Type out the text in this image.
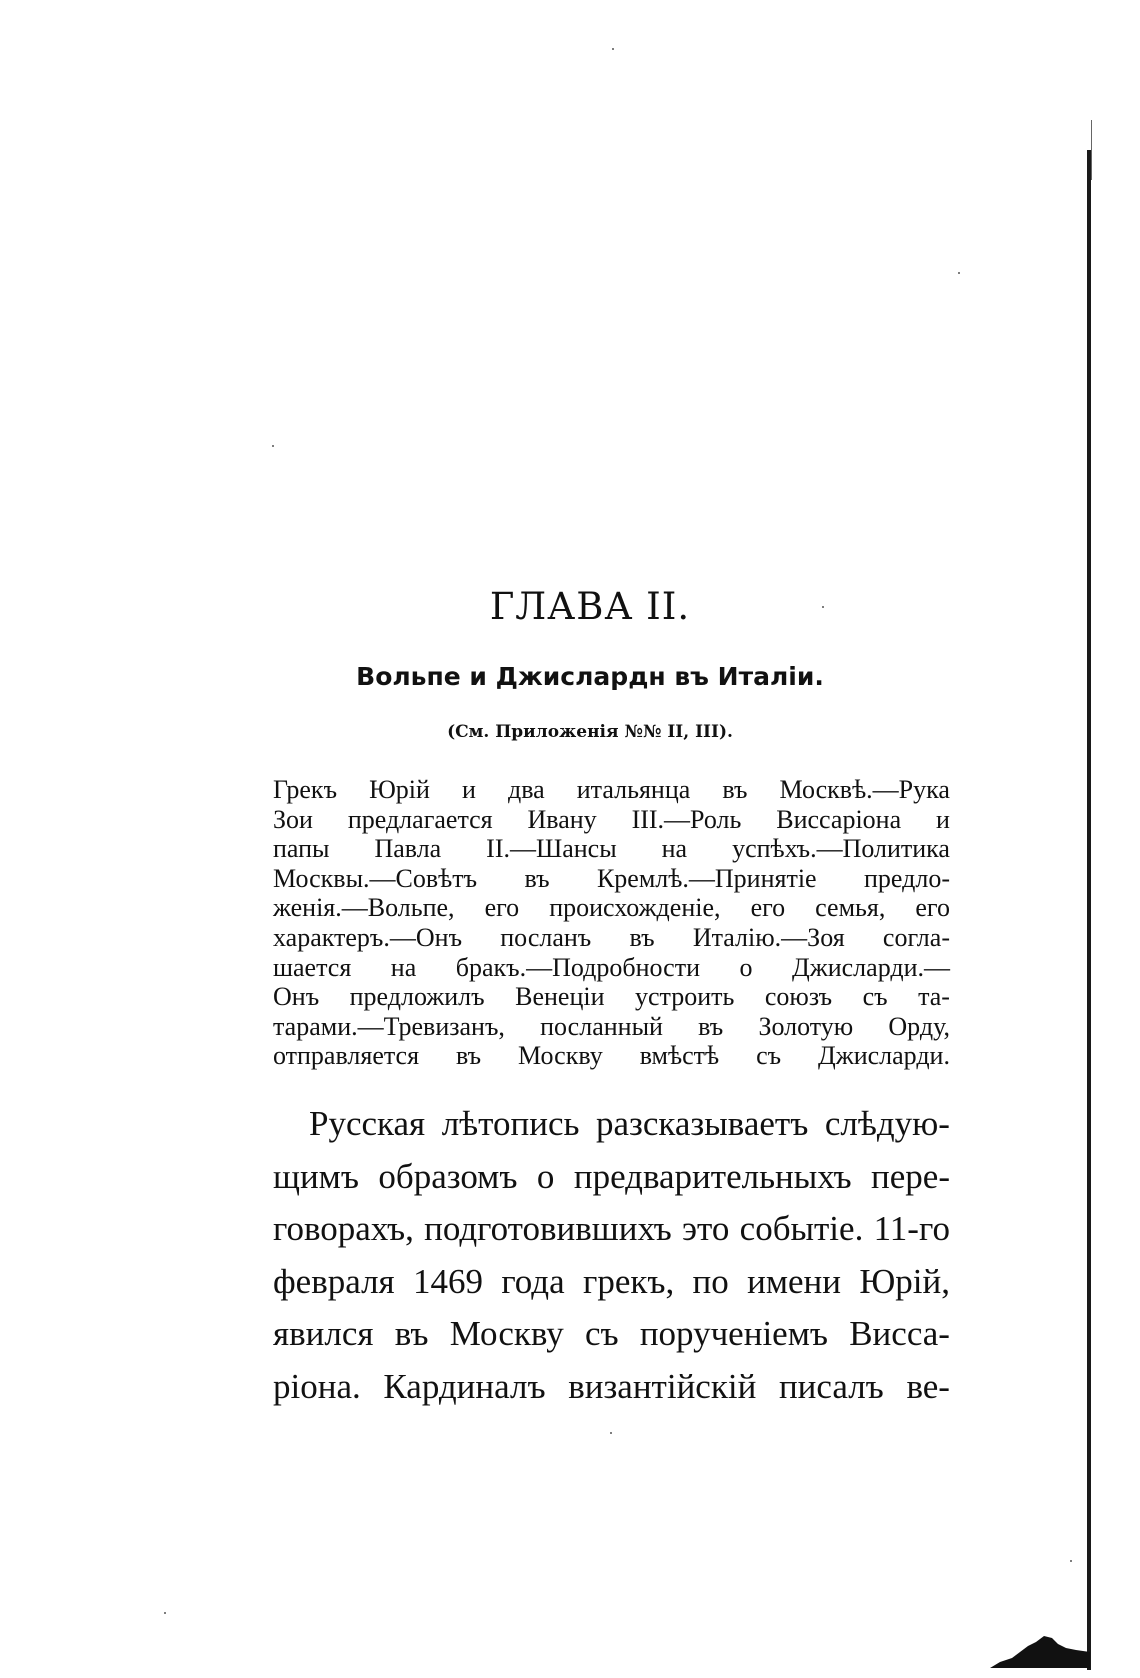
ГЛАВА II.
Вольпе и Джислардн въ Италіи.
(См. Приложенія №№ II, III).
Грекъ Юрій и два итальянца въ Москвѣ.—Рука
Зои предлагается Ивану III.—Роль Виссаріона и
папы Павла II.—Шансы на успѣхъ.—Политика
Москвы.—Совѣтъ въ Кремлѣ.—Принятіе предло-
женія.—Вольпе, его происхожденіе, его семья, его
характеръ.—Онъ посланъ въ Италію.—Зоя согла-
шается на бракъ.—Подробности о Джиcларди.—
Онъ предложилъ Венеціи устроить союзъ съ та-
тарами.—Тревизанъ, посланный въ Золотую Орду,
отправляется въ Москву вмѣстѣ съ Джиcларди.
Русская лѣтопись разсказываетъ слѣдую-
щимъ образомъ о предварительныхъ пере-
говорахъ, подготовившихъ это событіе. 11-го
февраля 1469 года грекъ, по имени Юрій,
явился въ Москву съ порученіемъ Висса-
ріона. Кардиналъ византійскій писалъ ве-
